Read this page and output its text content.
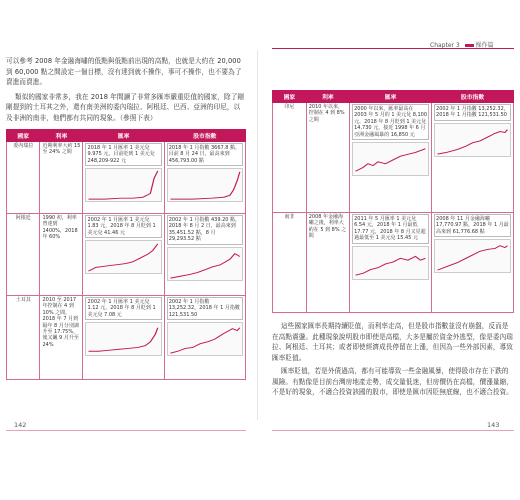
Chapter 3	操作篇

可以參考 2008 年金融海嘯的低點與低點前出現的高點，也就是大約在 20,000 到 60,000 點之間設定一個目標，沒有達到就不操作，事可不操作，也不要為了賣進而賣進。

類似的國家非常多，我在 2018 年間讀了非常多匯率嚴重貶值的國家，除了剛剛提到的土耳其之外，還有南美洲的委內瑞拉、阿根廷、巴西、亞洲的印尼，以及非洲的南非，他們都有共同的現象。（參照下表）

國家	利率	匯率	股市指數
委內瑞拉	近期利率大約 15 至 24% 之間	2018 年 1 月匯率 1 美元兌 9.975 元，目前貶到 1 美元兌 248,209-922 元	2018 年 1 月指數 3667.8 點，目前 8 月 24 日，最高來到 456,793.00 點

阿根廷	1990 初，利率曾達到 1400%，2018 年 60%	2002 年 1 月匯率 1 美元兌 1.83 元，2018 年 8 月貶到 1 美元兌 41.46 元	2002 年 1 月指數 439.20 點，2018 年 8 月 2 日，最高來到 35,451.52 點，8 月 29,293.52 點

土耳其	2010 至 2017 年控制在 4 到 10% 之間，2018 年 7 月到隔年 8 月分別調升至 17.75%，後又飆 9 月升至 24%	2002 年 1 月匯率 1 美元兌 1.12 元，2018 年 8 月貶到 1 美元兌 7.08 元	2002 年 1 月指數 13,252.32，2018 年 1 月指數 121,531.50
國家	利率	匯率	股市指數
印尼	2010 年以來，控制在 4 到 8% 之間	2000 年以來，匯率最高在 2003 年 5 月的 1 美元兌 8,100 元，2018 年 8 月貶到 1 美元兌 14,730 元，接近 1998 年 6 月亞洲金融風暴的 16,850 元	2002 年 1 月指數 13,252.32，2018 年 1 月指數 121,531.50

南非	2008 年金融海嘯之後，利率大約在 5 到 8% 之間	2011 年 5 月匯率 1 美元兌 6.54 元，2018 年 1 月最低 17.77 元，2018 年 8 月又見超過最低至 1 美元兌 15.45 元	2008 年 11 月金融海嘯 17,770.97 點，2018 年 1 月最高來到 61,776.68 點

這些國家匯率長期持續貶值，而利率走高，但是股市指數並沒有崩盤，反而是在高點震盪。此種現象說明股市即使是高檔，大多是屬於資金外逃型，像是委內瑞拉、阿根廷、土耳其；或者即使經濟成長停留在上漲，但因為一些外部因素，導致匯率貶值。

匯率貶值，若是外債過高，都有可能導致一些金融風暴，使得股市存在下跌的風險。有點像是目前台灣房地產走勢，成交量低迷，但房價仍在高檔，價漲量縮，不是好的現象，不適合投資該國的股市，即使是匯市因貶無底線，也不適合投資。

142	143
